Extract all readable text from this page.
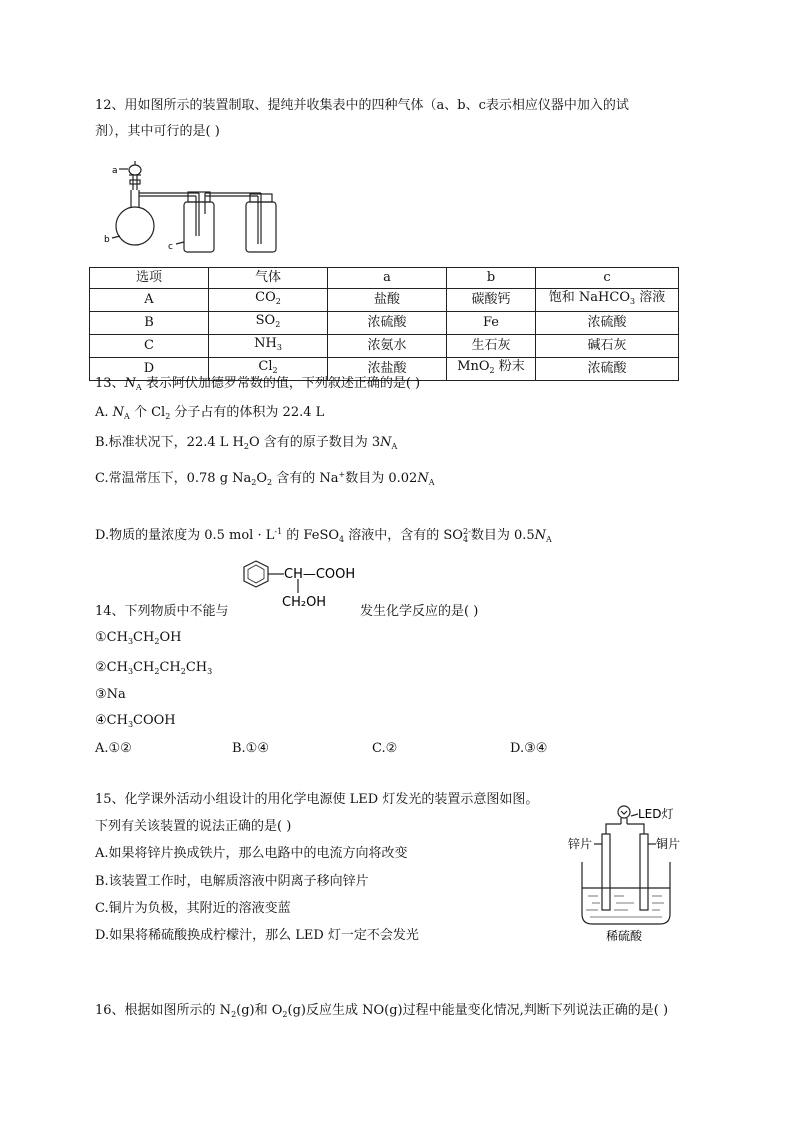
12、用如图所示的装置制取、提纯并收集表中的四种气体（a、b、c表示相应仪器中加入的试
剂），其中可行的是( )
a
b
c
选项	气体	a	b	c
A	$CO_2$	盐酸	碳酸钙	饱和 NaHCO$_3$ 溶液
B	$SO_2$	浓硫酸	Fe	浓硫酸
C	$NH_3$	浓氨水	生石灰	碱石灰
D	$Cl_2$	浓盐酸	MnO$_2$ 粉末	浓硫酸
13、$N_A$ 表示阿伏加德罗常数的值，下列叙述正确的是( )
A. $N_A$ 个 $Cl_2$ 分子占有的体积为 22.4 L
B.标准状况下，22.4 L $H_2O$ 含有的原子数目为 $3N_A$
C.常温常压下，0.78 g $Na_2O_2$ 含有的 Na+数目为 $0.02N_A$
D.物质的量浓度为 0.5 mol · $L^{-1}$ 的 FeSO$_4$ 溶液中，含有的 $SO_4^{2-}$数目为 $0.5N_A$
CH—COOH
CH₂OH
14、下列物质中不能与	发生化学反应的是( )
$①CH_3CH_2OH$
$②CH_3CH_2CH_2CH_3$
③Na
$④CH_3COOH$
A.①②	B.①④	C.②	D.③④
15、化学课外活动小组设计的用化学电源使 LED 灯发光的装置示意图如图。
下列有关该装置的说法正确的是( )
A.如果将锌片换成铁片，那么电路中的电流方向将改变
B.该装置工作时，电解质溶液中阴离子移向锌片
C.铜片为负极，其附近的溶液变蓝
D.如果将稀硫酸换成柠檬汁，那么 LED 灯一定不会发光
LED灯
锌片	铜片
稀硫酸
16、根据如图所示的 $N_2(g)$和 $O_2(g)$反应生成 NO(g)过程中能量变化情况,判断下列说法正确的是( )
